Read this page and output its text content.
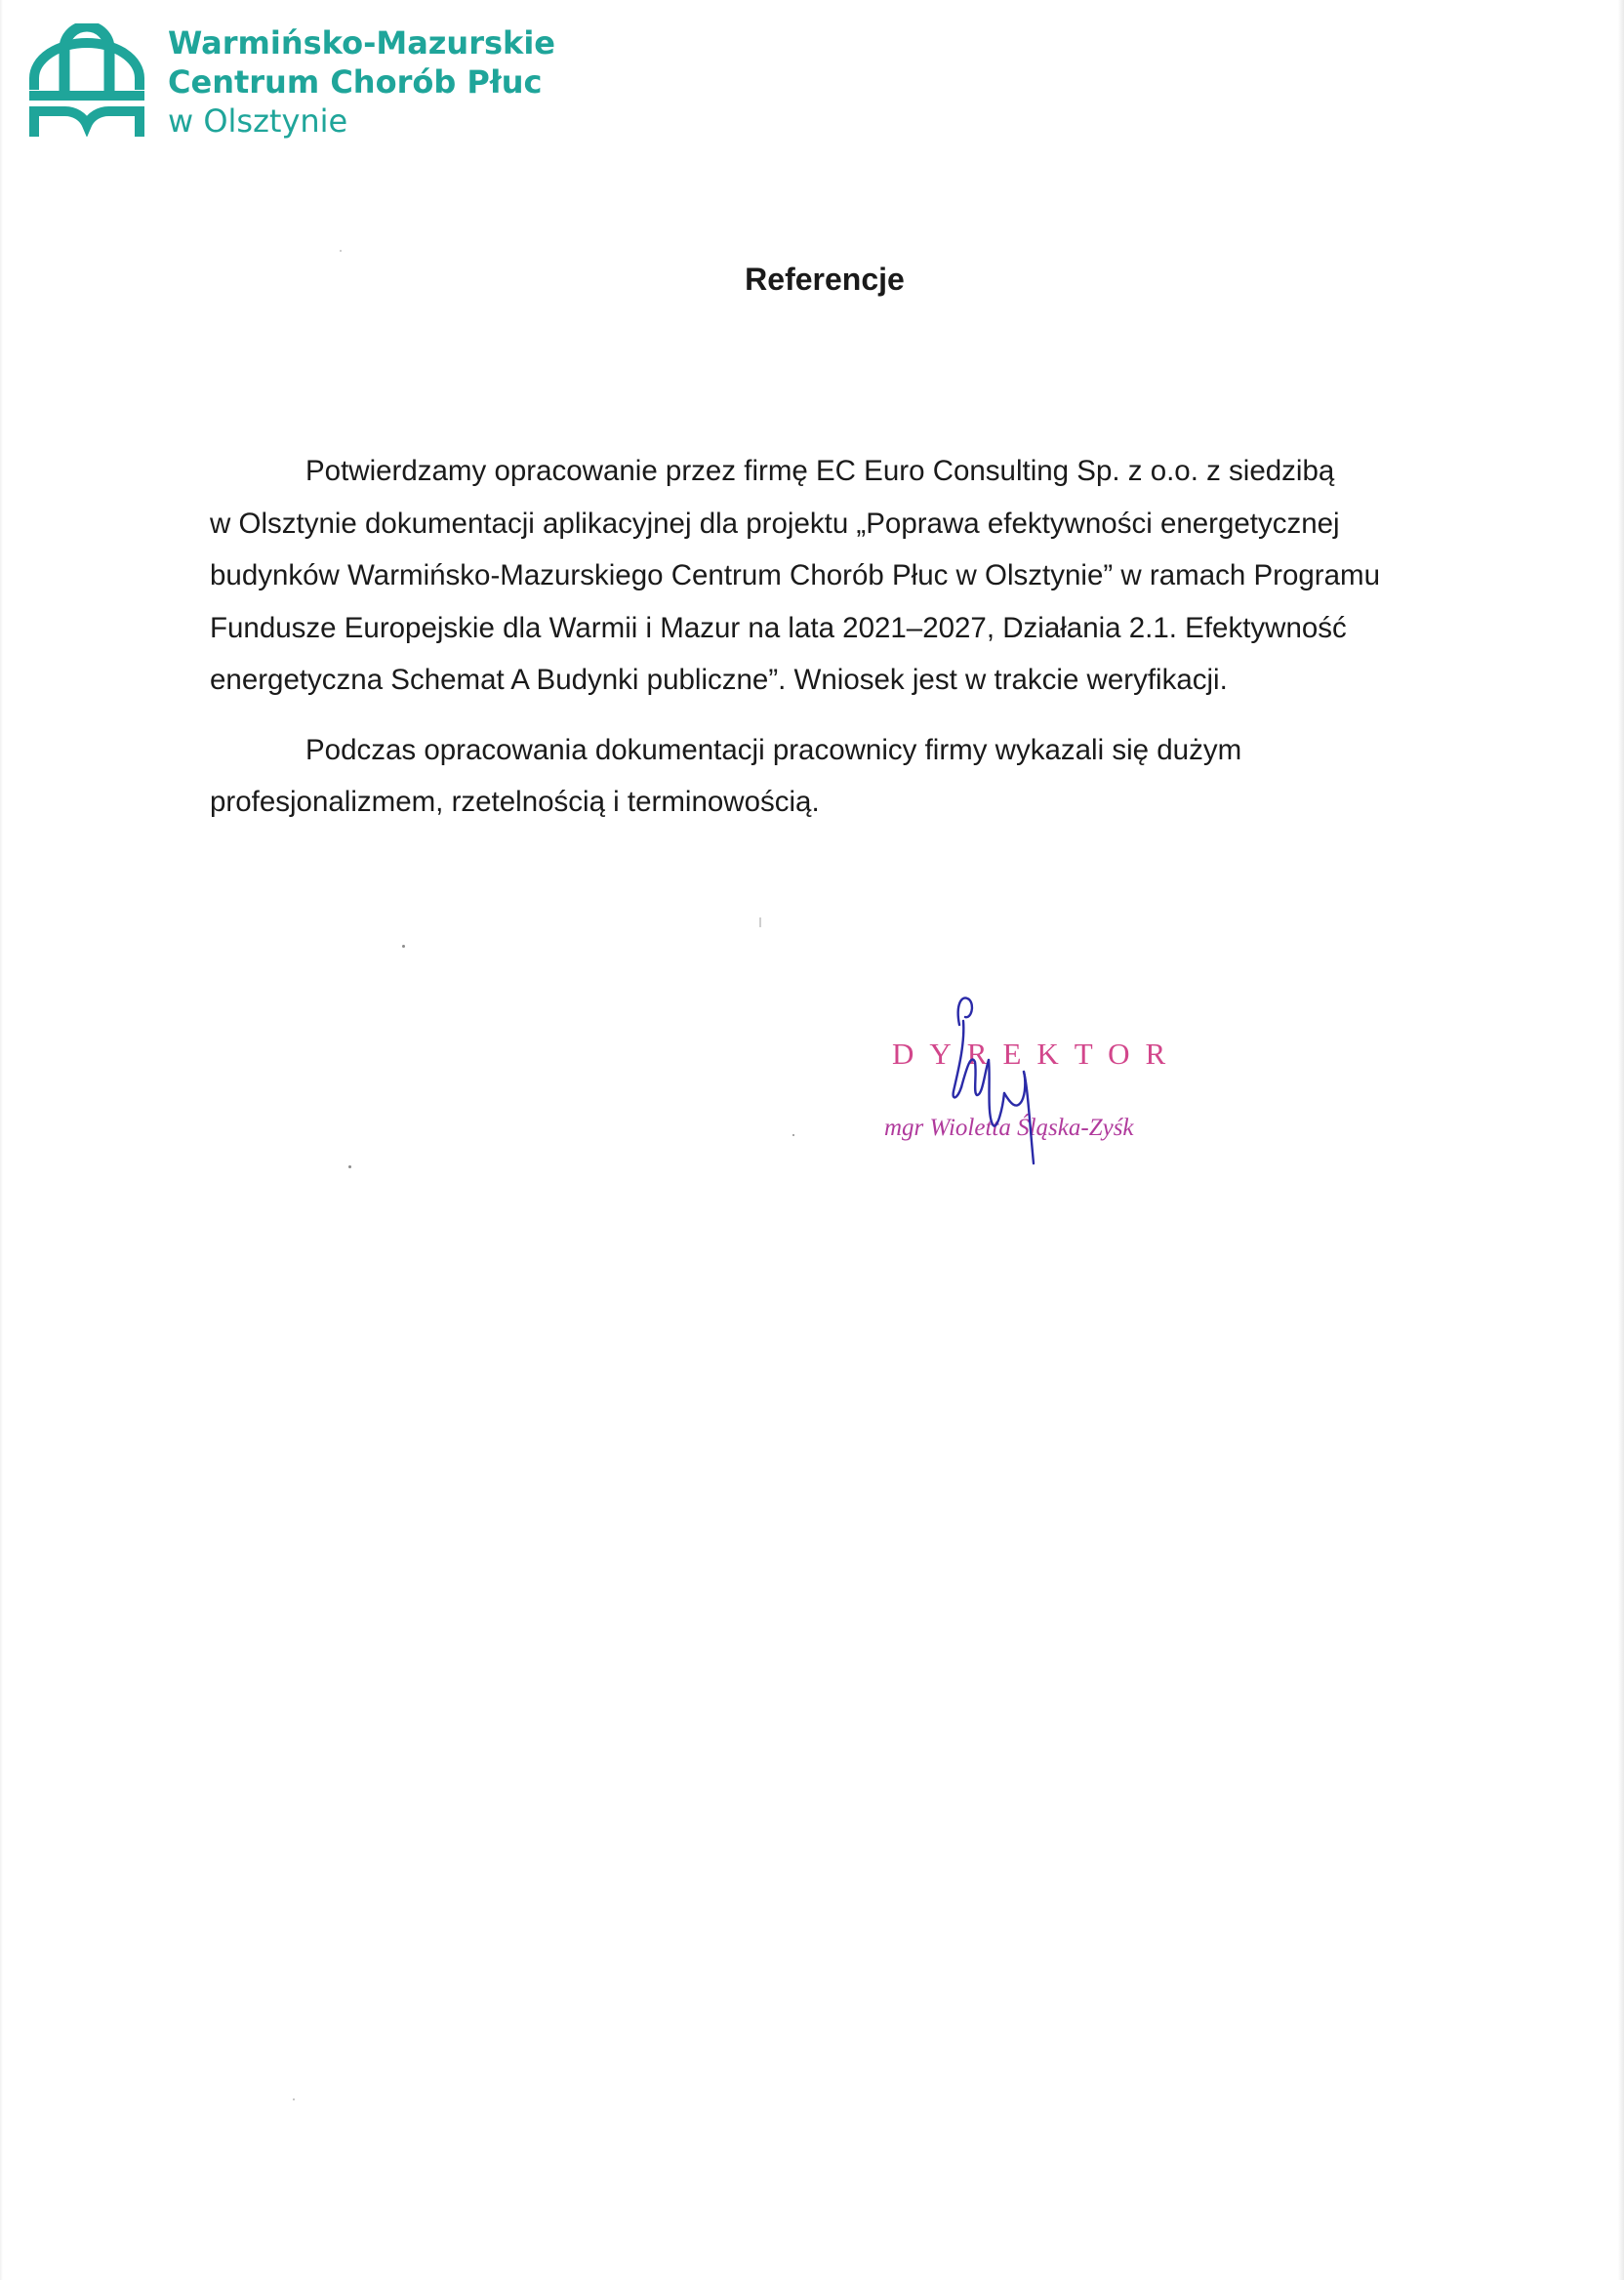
Warmińsko-Mazurskie
Centrum Chorób Płuc
w Olsztynie
Referencje

Potwierdzamy opracowanie przez firmę EC Euro Consulting Sp. z o.o. z siedzibą
w Olsztynie dokumentacji aplikacyjnej dla projektu „Poprawa efektywności energetycznej
budynków Warmińsko-Mazurskiego Centrum Chorób Płuc w Olsztynie” w ramach Programu
Fundusze Europejskie dla Warmii i Mazur na lata 2021–2027, Działania 2.1. Efektywność
energetyczna Schemat A Budynki publiczne”. Wniosek jest w trakcie weryfikacji.

Podczas opracowania dokumentacji pracownicy firmy wykazali się dużym
profesjonalizmem, rzetelnością i terminowością.

DYREKTOR
mgr Wioletta Śląska-Zyśk
